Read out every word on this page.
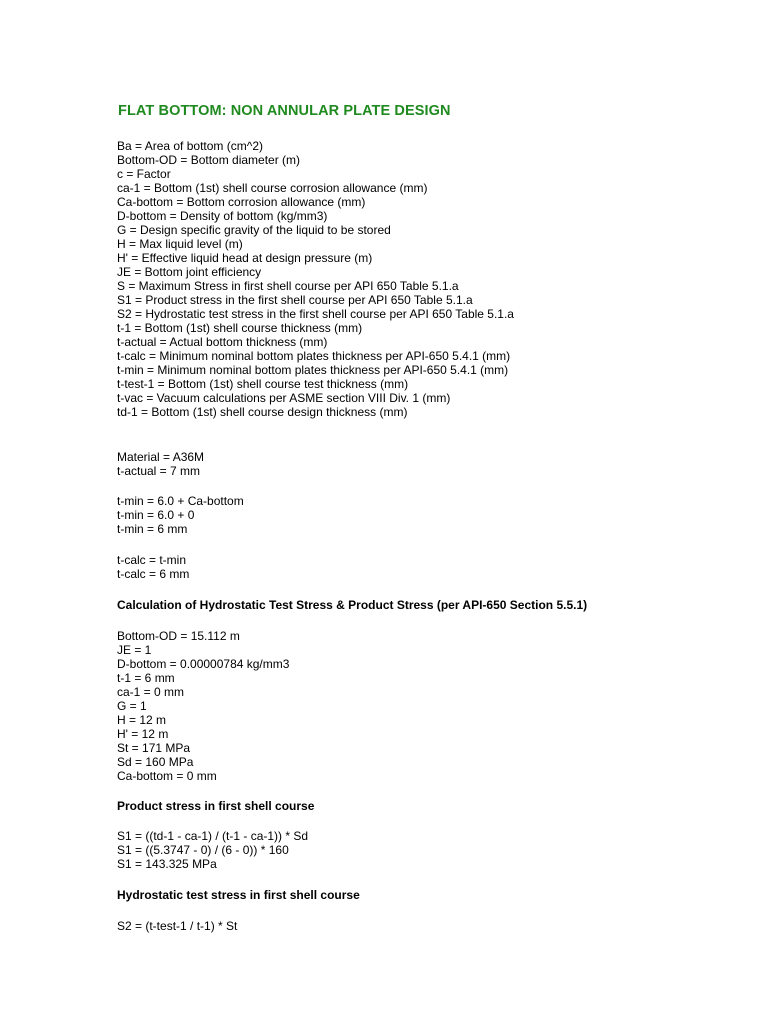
FLAT BOTTOM: NON ANNULAR PLATE DESIGN
Ba = Area of bottom (cm^2)
Bottom-OD = Bottom diameter (m)
c = Factor
ca-1 = Bottom (1st) shell course corrosion allowance (mm)
Ca-bottom = Bottom corrosion allowance (mm)
D-bottom = Density of bottom (kg/mm3)
G = Design specific gravity of the liquid to be stored
H = Max liquid level (m)
H' = Effective liquid head at design pressure (m)
JE = Bottom joint efficiency
S = Maximum Stress in first shell course per API 650 Table 5.1.a
S1 = Product stress in the first shell course per API 650 Table 5.1.a
S2 = Hydrostatic test stress in the first shell course per API 650 Table 5.1.a
t-1 = Bottom (1st) shell course thickness (mm)
t-actual = Actual bottom thickness (mm)
t-calc = Minimum nominal bottom plates thickness per API-650 5.4.1 (mm)
t-min = Minimum nominal bottom plates thickness per API-650 5.4.1 (mm)
t-test-1 = Bottom (1st) shell course test thickness (mm)
t-vac = Vacuum calculations per ASME section VIII Div. 1 (mm)
td-1 = Bottom (1st) shell course design thickness (mm)
Material = A36M
t-actual = 7 mm
t-min = 6.0 + Ca-bottom
t-min = 6.0 + 0
t-min = 6 mm
t-calc = t-min
t-calc = 6 mm
Calculation of Hydrostatic Test Stress & Product Stress (per API-650 Section 5.5.1)
Bottom-OD = 15.112 m
JE = 1
D-bottom = 0.00000784 kg/mm3
t-1 = 6 mm
ca-1 = 0 mm
G = 1
H = 12 m
H' = 12 m
St = 171 MPa
Sd = 160 MPa
Ca-bottom = 0 mm
Product stress in first shell course
S1 = ((td-1 - ca-1) / (t-1 - ca-1)) * Sd
S1 = ((5.3747 - 0) / (6 - 0)) * 160
S1 = 143.325 MPa
Hydrostatic test stress in first shell course
S2 = (t-test-1 / t-1) * St
